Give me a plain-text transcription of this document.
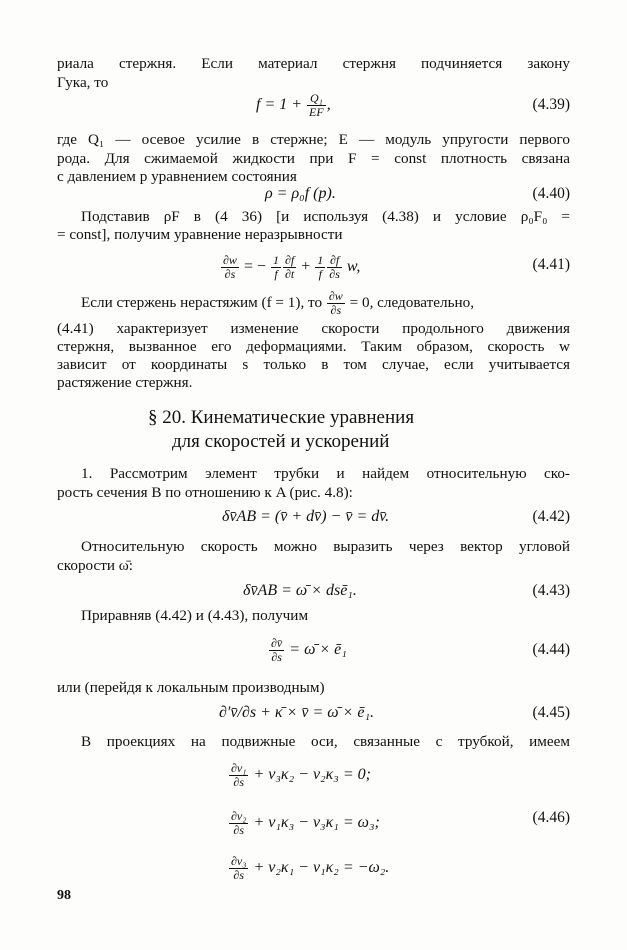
риала стержня. Если материал стержня подчиняется закону
Гука, то
$f = 1 + \frac{\text{Q₁}}{EF}$ ,	(4.39)
где Q₁ — осевое усилие в стержне; E — модуль упругости первого
рода. Для сжимаемой жидкости при F = const плотность связана
с давлением p уравнением состояния
ρ = ρ₀f (p).	(4.40)
Подставив ρF в (4 36) [и используя (4.38) и условие ρ₀F₀ =
= const], получим уравнение неразрывности
$\frac{\partial w}{\partial s}$ = − $\frac{1}{f} \frac{\partial f}{\partial t} + \frac{1}{f} \frac{\partial f}{\partial s} w$,	(4.41)
Если стержень нерастяжим (f = 1), то $\frac{\partial w}{\partial s} = 0$, следовательно,
(4.41) характеризует изменение скорости продольного движения
стержня, вызванное его деформациями. Таким образом, скорость w
зависит от координаты s только в том случае, если учитывается
растяжение стержня.
§ 20. Кинематические уравнения
для скоростей и ускорений
1. Рассмотрим элемент трубки и найдем относительную ско-
рость сечения B по отношению к A (рис. 4.8):
δv̄AB = (v̄ + dv̄) − v̄ = dv̄.	(4.42)
Относительную скорость можно выразить через вектор угловой
скорости ω̄:
δv̄AB = ω̄ × dsē₁.	(4.43)
Приравняв (4.42) и (4.43), получим
$\frac{\partial v̄}{\partial s}$ = ω̄ × ē₁	(4.44)
или (перейдя к локальным производным)
∂′v̄/∂s + κ̄ × v̄ = ω̄ × ē₁.	(4.45)
В проекциях на подвижные оси, связанные с трубкой, имеем
$\frac{\text{∂v₁}}{\partial s} + v_3\kappa_2 - v_2\kappa_3 = 0$;
$\frac{\text{∂v₂}}{\partial s} + v_1\kappa_3 - v_3\kappa_1 = \omega_3$;	(4.46)
$\frac{\text{∂v₃}}{\partial s} + v_2\kappa_1 - v_1\kappa_2 = -\omega_2$.
98
